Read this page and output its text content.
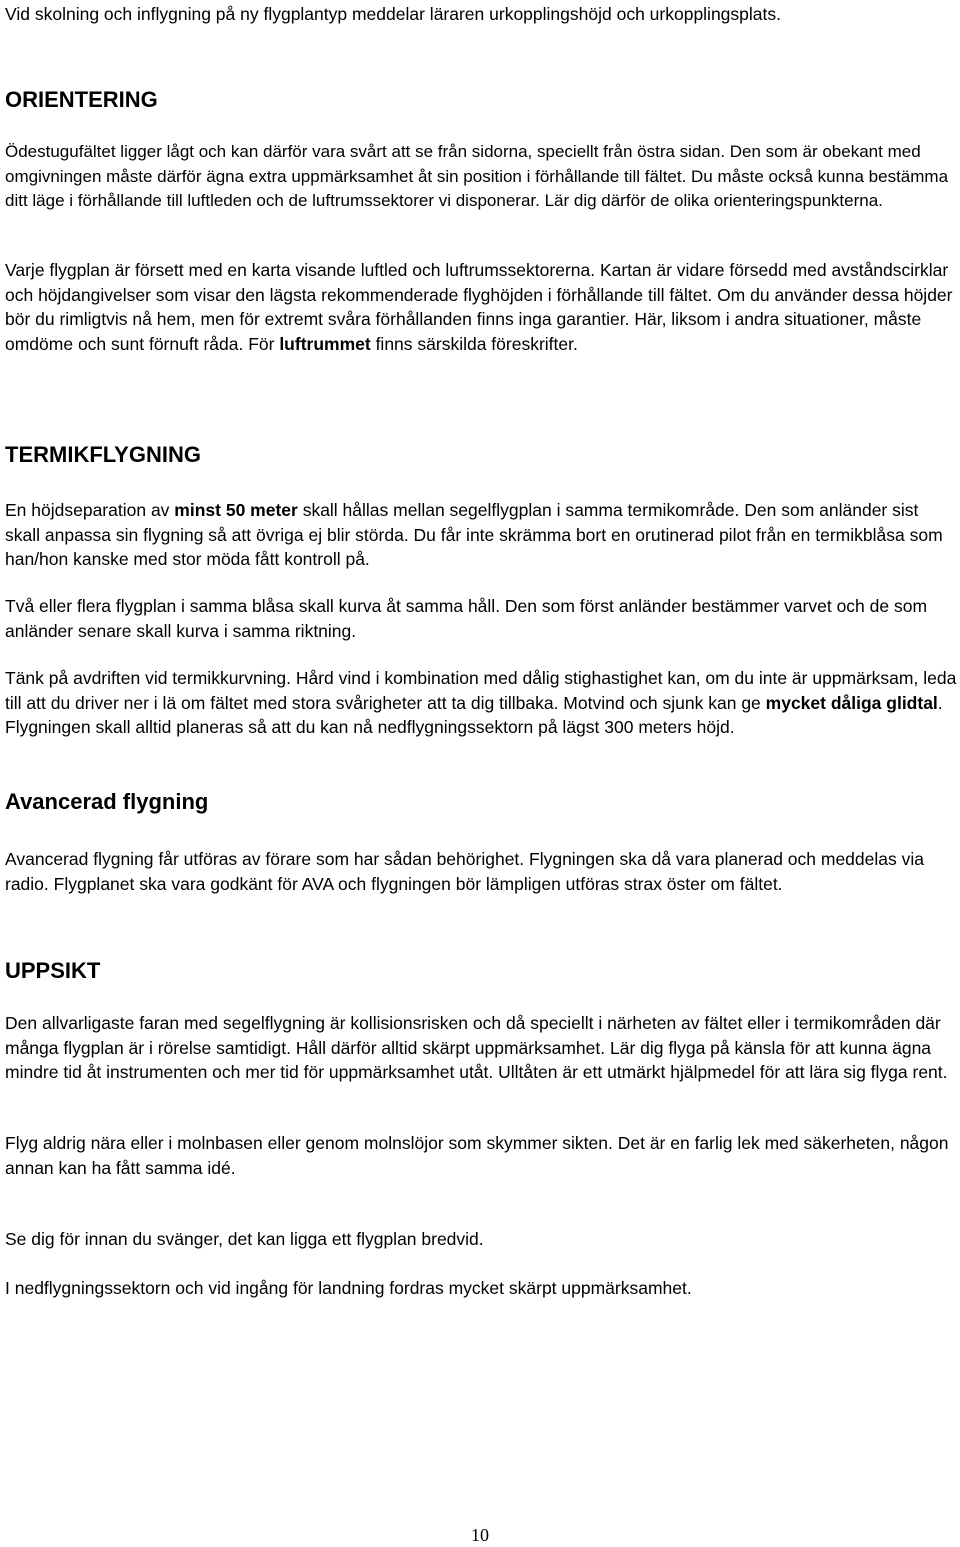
Vid skolning och inflygning på ny flygplantyp meddelar läraren urkopplingshöjd och urkopplingsplats.

ORIENTERING

Ödestugufältet ligger lågt och kan därför vara svårt att se från sidorna, speciellt från östra sidan. Den som är obekant med omgivningen måste därför ägna extra uppmärksamhet åt sin position i förhållande till fältet. Du måste också kunna bestämma ditt läge i förhållande till luftleden och de luftrumssektorer vi disponerar. Lär dig därför de olika orienteringspunkterna.

Varje flygplan är försett med en karta visande luftled och luftrumssektorerna. Kartan är vidare försedd med avståndscirklar och höjdangivelser som visar den lägsta rekommenderade flyghöjden i förhållande till fältet. Om du använder dessa höjder bör du rimligtvis nå hem, men för extremt svåra förhållanden finns inga garantier. Här, liksom i andra situationer, måste omdöme och sunt förnuft råda. För luftrummet finns särskilda föreskrifter.

TERMIKFLYGNING

En höjdseparation av minst 50 meter skall hållas mellan segelflygplan i samma termikområde. Den som anländer sist skall anpassa sin flygning så att övriga ej blir störda. Du får inte skrämma bort en orutinerad pilot från en termikblåsa som han/hon kanske med stor möda fått kontroll på.

Två eller flera flygplan i samma blåsa skall kurva åt samma håll. Den som först anländer bestämmer varvet och de som anländer senare skall kurva i samma riktning.

Tänk på avdriften vid termikkurvning. Hård vind i kombination med dålig stighastighet kan, om du inte är uppmärksam, leda till att du driver ner i lä om fältet med stora svårigheter att ta dig tillbaka. Motvind och sjunk kan ge mycket dåliga glidtal. Flygningen skall alltid planeras så att du kan nå nedflygningssektorn på lägst 300 meters höjd.

Avancerad flygning

Avancerad flygning får utföras av förare som har sådan behörighet. Flygningen ska då vara planerad och meddelas via radio. Flygplanet ska vara godkänt för AVA och flygningen bör lämpligen utföras strax öster om fältet.

UPPSIKT

Den allvarligaste faran med segelflygning är kollisionsrisken och då speciellt i närheten av fältet eller i termikområden där många flygplan är i rörelse samtidigt. Håll därför alltid skärpt uppmärksamhet. Lär dig flyga på känsla för att kunna ägna mindre tid åt instrumenten och mer tid för uppmärksamhet utåt. Ulltåten är ett utmärkt hjälpmedel för att lära sig flyga rent.

Flyg aldrig nära eller i molnbasen eller genom molnslöjor som skymmer sikten. Det är en farlig lek med säkerheten, någon annan kan ha fått samma idé.

Se dig för innan du svänger, det kan ligga ett flygplan bredvid.

I nedflygningssektorn och vid ingång för landning fordras mycket skärpt uppmärksamhet.

10
